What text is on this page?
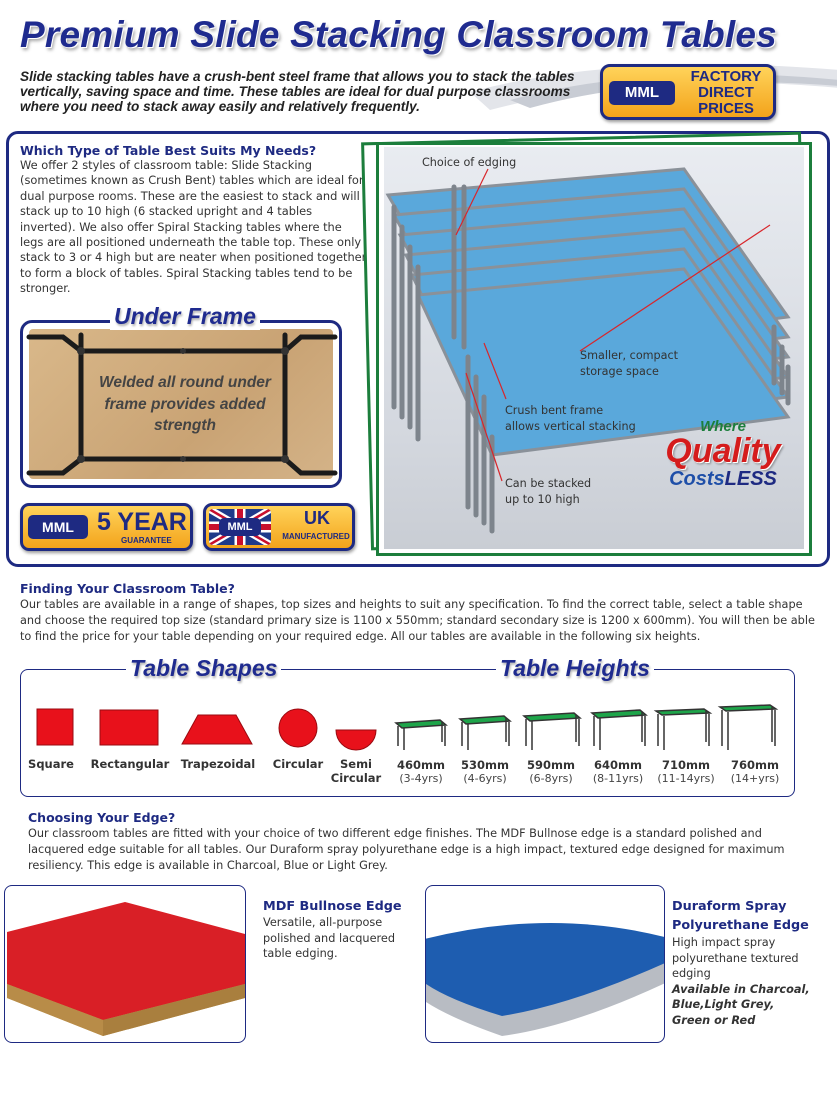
Premium Slide Stacking Classroom Tables
Slide stacking tables have a crush-bent steel frame that allows you to stack the tables vertically, saving space and time. These tables are ideal for dual purpose classrooms where you need to stack away easily and relatively frequently.
MML
FACTORY
DIRECT
PRICES
Which Type of Table Best Suits My Needs?
We offer 2 styles of classroom table: Slide Stacking (sometimes known as Crush Bent) tables which are ideal for dual purpose rooms. These are the easiest to stack and will stack up to 10 high (6 stacked upright and 4 tables inverted). We also offer Spiral Stacking tables where the legs are all positioned underneath the table top. These only stack to 3 or 4 high but are neater when positioned together to form a block of tables. Spiral Stacking tables tend to be stronger.
Under Frame
Welded all round under frame provides added strength
MML 5 YEAR
GUARANTEE
MML	UK
MANUFACTURED
Choice of edging
Smaller, compact
storage space
Crush bent frame
allows vertical stacking
Can be stacked
up to 10 high
Where
Quality
CostsLESS
Finding Your Classroom Table?
Our tables are available in a range of shapes, top sizes and heights to suit any specification. To find the correct table, select a table shape and choose the required top size (standard primary size is 1100 x 550mm; standard secondary size is 1200 x 600mm). You will then be able to find the price for your table depending on your required edge. All our tables are available in the following six heights.
Table Shapes	Table Heights
Square	Rectangular Trapezoidal	Circular	Semi
Circular
460mm
(3-4yrs)
530mm
(4-6yrs)
590mm
(6-8yrs)
640mm
(8-11yrs)
710mm
(11-14yrs)
760mm
(14+yrs)
Choosing Your Edge?
Our classroom tables are fitted with your choice of two different edge finishes. The MDF Bullnose edge is a standard polished and lacquered edge suitable for all tables. Our Duraform spray polyurethane edge is a high impact, textured edge designed for maximum resiliency. This edge is available in Charcoal, Blue or Light Grey.
MDF Bullnose Edge
Versatile, all-purpose polished and lacquered table edging.
Duraform Spray
Polyurethane Edge
High impact spray polyurethane textured edging
Available in Charcoal, Blue,Light Grey, Green or Red
